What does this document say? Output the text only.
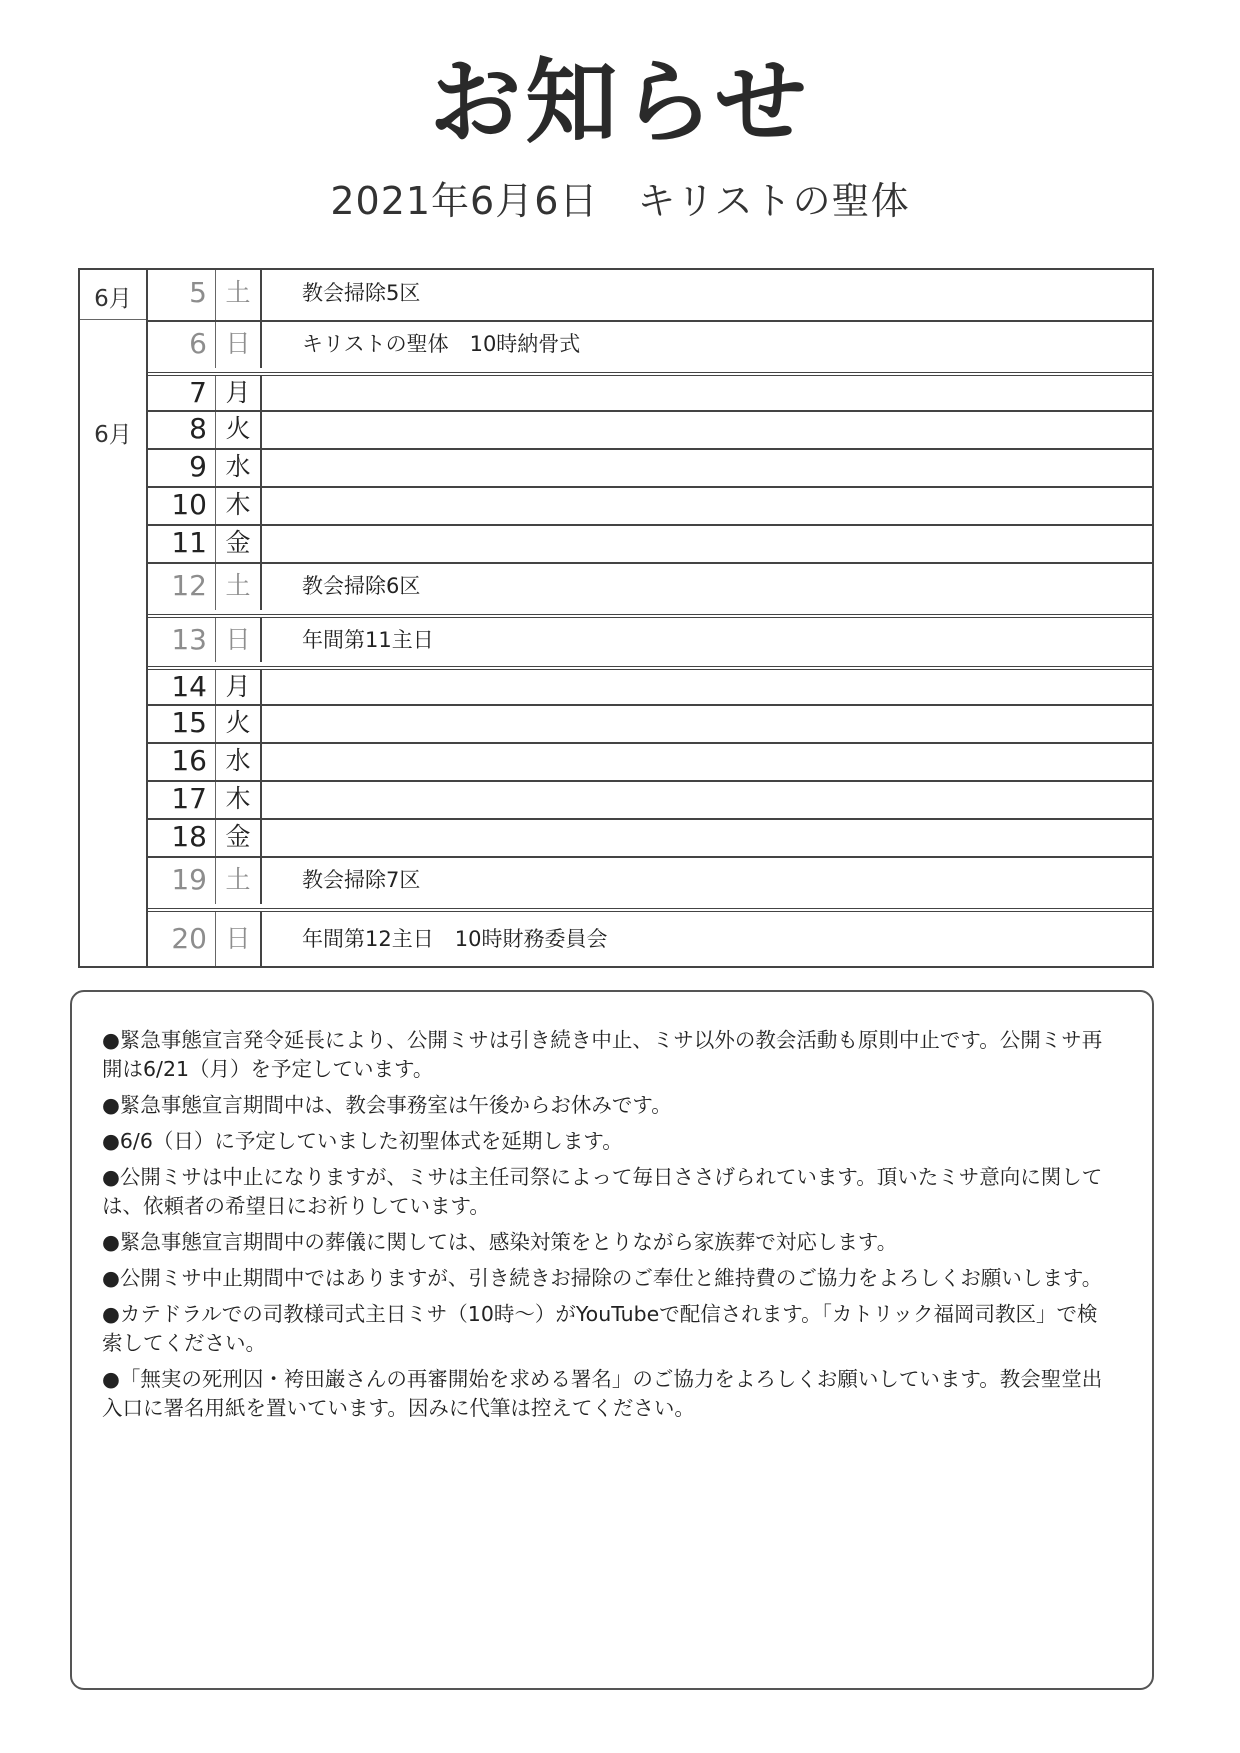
お知らせ
2021年6月6日　キリストの聖体
6月
6月
5 土	教会掃除5区
6 日	キリストの聖体　10時納骨式
7 月
8 火
9 水
10 木
11 金
12 土	教会掃除6区
13 日	年間第11主日
14 月
15 火
16 水
17 木
18 金
19 土	教会掃除7区
20 日	年間第12主日　10時財務委員会
●緊急事態宣言発令延長により、公開ミサは引き続き中止、ミサ以外の教会活動も原則中止です。公開ミサ再開は6/21（月）を予定しています。
●緊急事態宣言期間中は、教会事務室は午後からお休みです。
●6/6（日）に予定していました初聖体式を延期します。
●公開ミサは中止になりますが、ミサは主任司祭によって毎日ささげられています。頂いたミサ意向に関しては、依頼者の希望日にお祈りしています。
●緊急事態宣言期間中の葬儀に関しては、感染対策をとりながら家族葬で対応します。
●公開ミサ中止期間中ではありますが、引き続きお掃除のご奉仕と維持費のご協力をよろしくお願いします。
●カテドラルでの司教様司式主日ミサ（10時～）がYouTubeで配信されます。「カトリック福岡司教区」で検索してください。
●「無実の死刑囚・袴田巌さんの再審開始を求める署名」のご協力をよろしくお願いしています。教会聖堂出入口に署名用紙を置いています。因みに代筆は控えてください。
